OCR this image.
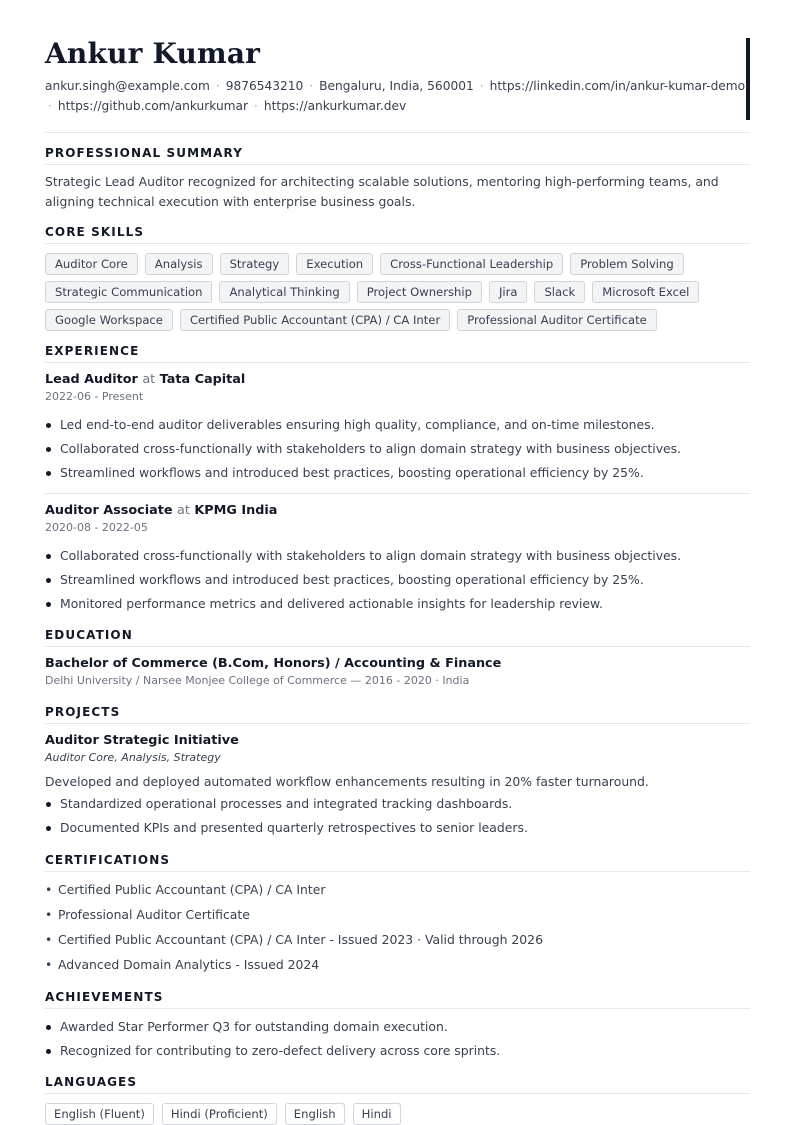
Ankur Kumar
ankur.singh@example.com · 9876543210 · Bengaluru, India, 560001 · https://linkedin.com/in/ankur-kumar-demo
· https://github.com/ankurkumar · https://ankurkumar.dev
PROFESSIONAL SUMMARY
Strategic Lead Auditor recognized for architecting scalable solutions, mentoring high-performing teams, and aligning technical execution with enterprise business goals.
CORE SKILLS
Auditor Core	Analysis	Strategy	Execution	Cross-Functional Leadership	Problem Solving
Strategic Communication	Analytical Thinking	Project Ownership	Jira	Slack	Microsoft Excel
Google Workspace	Certified Public Accountant (CPA) / CA Inter	Professional Auditor Certificate
EXPERIENCE
Lead Auditor at Tata Capital
2022-06 - Present
Led end-to-end auditor deliverables ensuring high quality, compliance, and on-time milestones.
Collaborated cross-functionally with stakeholders to align domain strategy with business objectives.
Streamlined workflows and introduced best practices, boosting operational efficiency by 25%.
Auditor Associate at KPMG India
2020-08 - 2022-05
Collaborated cross-functionally with stakeholders to align domain strategy with business objectives.
Streamlined workflows and introduced best practices, boosting operational efficiency by 25%.
Monitored performance metrics and delivered actionable insights for leadership review.
EDUCATION
Bachelor of Commerce (B.Com, Honors) / Accounting & Finance
Delhi University / Narsee Monjee College of Commerce — 2016 - 2020 · India
PROJECTS
Auditor Strategic Initiative
Auditor Core, Analysis, Strategy
Developed and deployed automated workflow enhancements resulting in 20% faster turnaround.
Standardized operational processes and integrated tracking dashboards.
Documented KPIs and presented quarterly retrospectives to senior leaders.
CERTIFICATIONS
• Certified Public Accountant (CPA) / CA Inter
• Professional Auditor Certificate
• Certified Public Accountant (CPA) / CA Inter - Issued 2023 · Valid through 2026
• Advanced Domain Analytics - Issued 2024
ACHIEVEMENTS
Awarded Star Performer Q3 for outstanding domain execution.
Recognized for contributing to zero-defect delivery across core sprints.
LANGUAGES
English (Fluent)	Hindi (Proficient)	English	Hindi
